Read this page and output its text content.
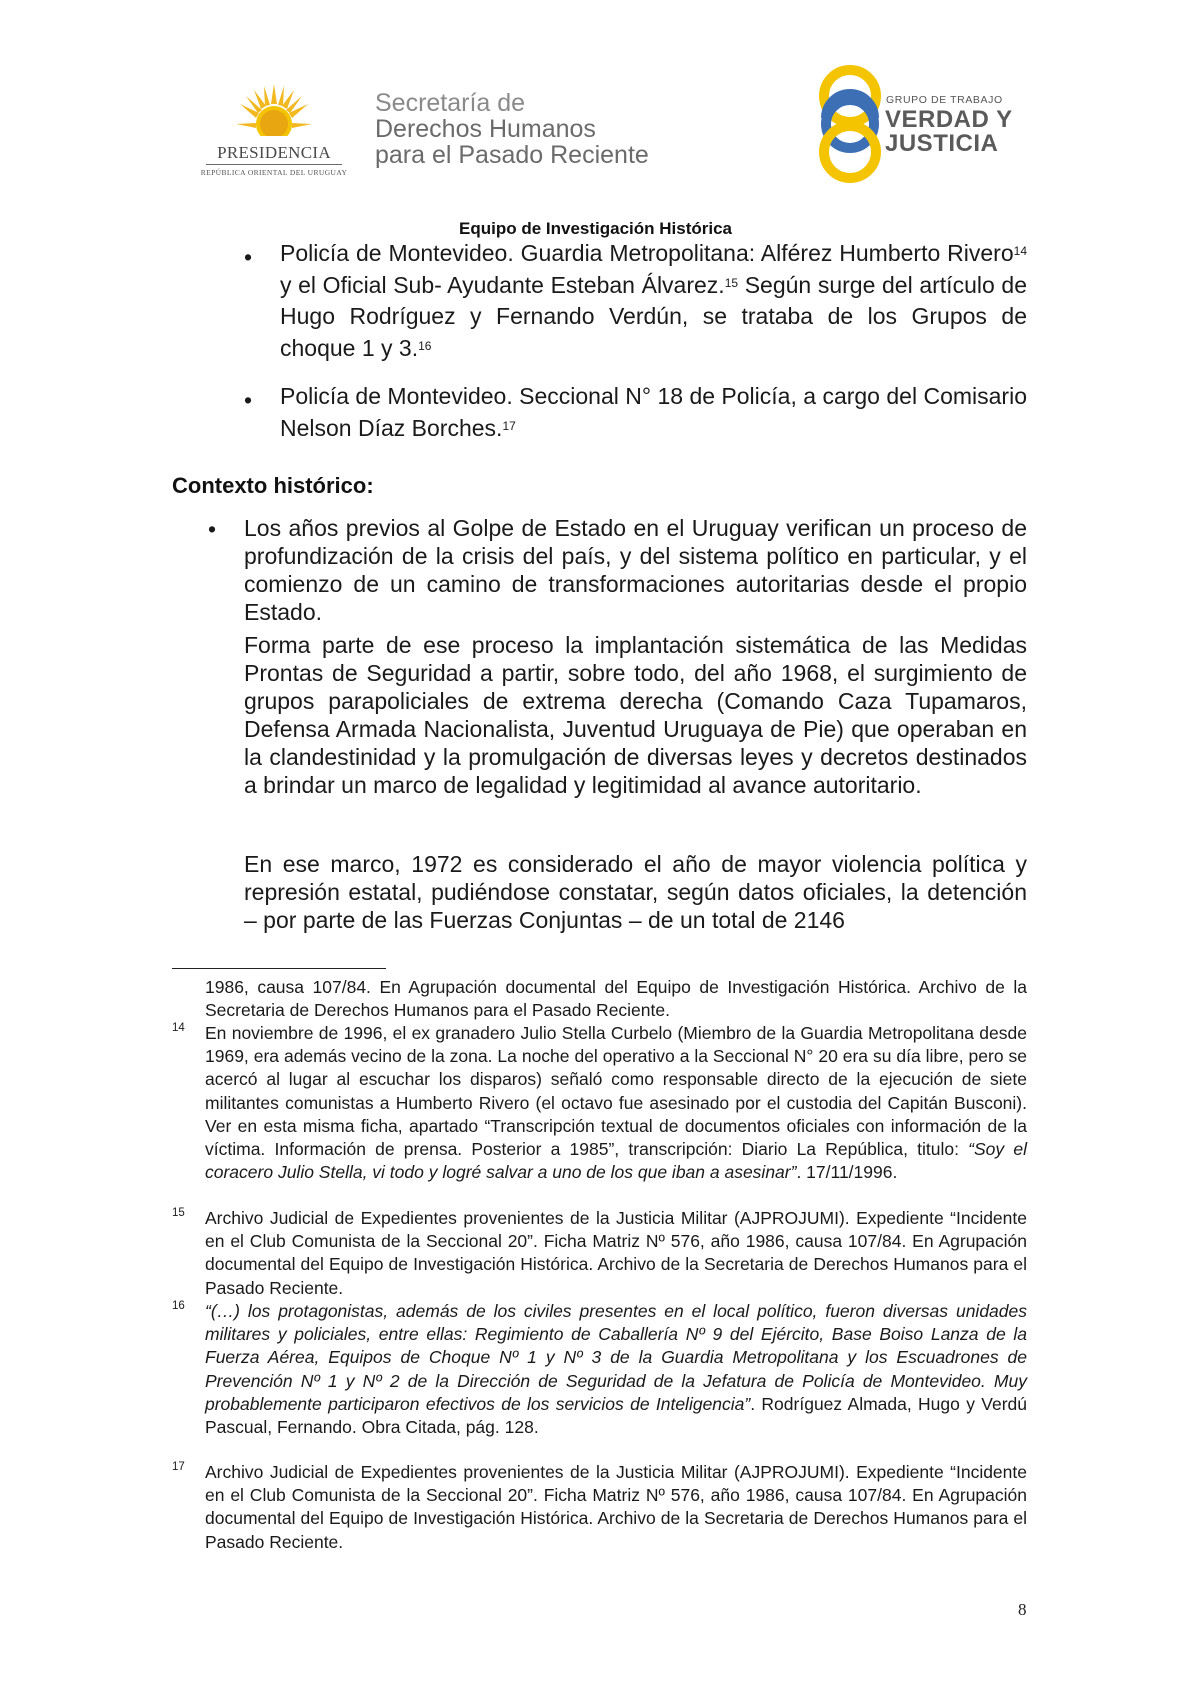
PRESIDENCIA
REPÚBLICA ORIENTAL DEL URUGUAY
Secretaría de
Derechos Humanos
para el Pasado Reciente
GRUPO DE TRABAJO
VERDAD Y
JUSTICIA
Equipo de Investigación Histórica
• Policía de Montevideo. Guardia Metropolitana: Alférez Humberto Rivero$^{14}$ y el Oficial Sub- Ayudante Esteban Álvarez.$^{15}$ Según surge del artículo de Hugo Rodríguez y Fernando Verdún, se trataba de los Grupos de choque 1 y 3.16
• Policía de Montevideo. Seccional N° 18 de Policía, a cargo del Comisario Nelson Díaz Borches.$^{17}$
Contexto histórico:
• Los años previos al Golpe de Estado en el Uruguay verifican un proceso de profundización de la crisis del país, y del sistema político en particular, y el comienzo de un camino de transformaciones autoritarias desde el propio Estado.
Forma parte de ese proceso la implantación sistemática de las Medidas Prontas de Seguridad a partir, sobre todo, del año 1968, el surgimiento de grupos parapoliciales de extrema derecha (Comando Caza Tupamaros, Defensa Armada Nacionalista, Juventud Uruguaya de Pie) que operaban en la clandestinidad y la promulgación de diversas leyes y decretos destinados a brindar un marco de legalidad y legitimidad al avance autoritario.
En ese marco, 1972 es considerado el año de mayor violencia política y represión estatal, pudiéndose constatar, según datos oficiales, la detención – por parte de las Fuerzas Conjuntas – de un total de 2146
1986, causa 107/84. En Agrupación documental del Equipo de Investigación Histórica. Archivo de la Secretaria de Derechos Humanos para el Pasado Reciente.
14 En noviembre de 1996, el ex granadero Julio Stella Curbelo (Miembro de la Guardia Metropolitana desde 1969, era además vecino de la zona. La noche del operativo a la Seccional N° 20 era su día libre, pero se acercó al lugar al escuchar los disparos) señaló como responsable directo de la ejecución de siete militantes comunistas a Humberto Rivero (el octavo fue asesinado por el custodia del Capitán Busconi). Ver en esta misma ficha, apartado “Transcripción textual de documentos oficiales con información de la víctima. Información de prensa. Posterior a 1985”, transcripción: Diario La República, titulo: “Soy el coracero Julio Stella, vi todo y logré salvar a uno de los que iban a asesinar”. 17/11/1996.
15 Archivo Judicial de Expedientes provenientes de la Justicia Militar (AJPROJUMI). Expediente “Incidente en el Club Comunista de la Seccional 20”. Ficha Matriz Nº 576, año 1986, causa 107/84. En Agrupación documental del Equipo de Investigación Histórica. Archivo de la Secretaria de Derechos Humanos para el Pasado Reciente.
16 “(…) los protagonistas, además de los civiles presentes en el local político, fueron diversas unidades militares y policiales, entre ellas: Regimiento de Caballería Nº 9 del Ejército, Base Boiso Lanza de la Fuerza Aérea, Equipos de Choque Nº 1 y Nº 3 de la Guardia Metropolitana y los Escuadrones de Prevención Nº 1 y Nº 2 de la Dirección de Seguridad de la Jefatura de Policía de Montevideo. Muy probablemente participaron efectivos de los servicios de Inteligencia”. Rodríguez Almada, Hugo y Verdú Pascual, Fernando. Obra Citada, pág. 128.
17 Archivo Judicial de Expedientes provenientes de la Justicia Militar (AJPROJUMI). Expediente “Incidente en el Club Comunista de la Seccional 20”. Ficha Matriz Nº 576, año 1986, causa 107/84. En Agrupación documental del Equipo de Investigación Histórica. Archivo de la Secretaria de Derechos Humanos para el Pasado Reciente.
8
